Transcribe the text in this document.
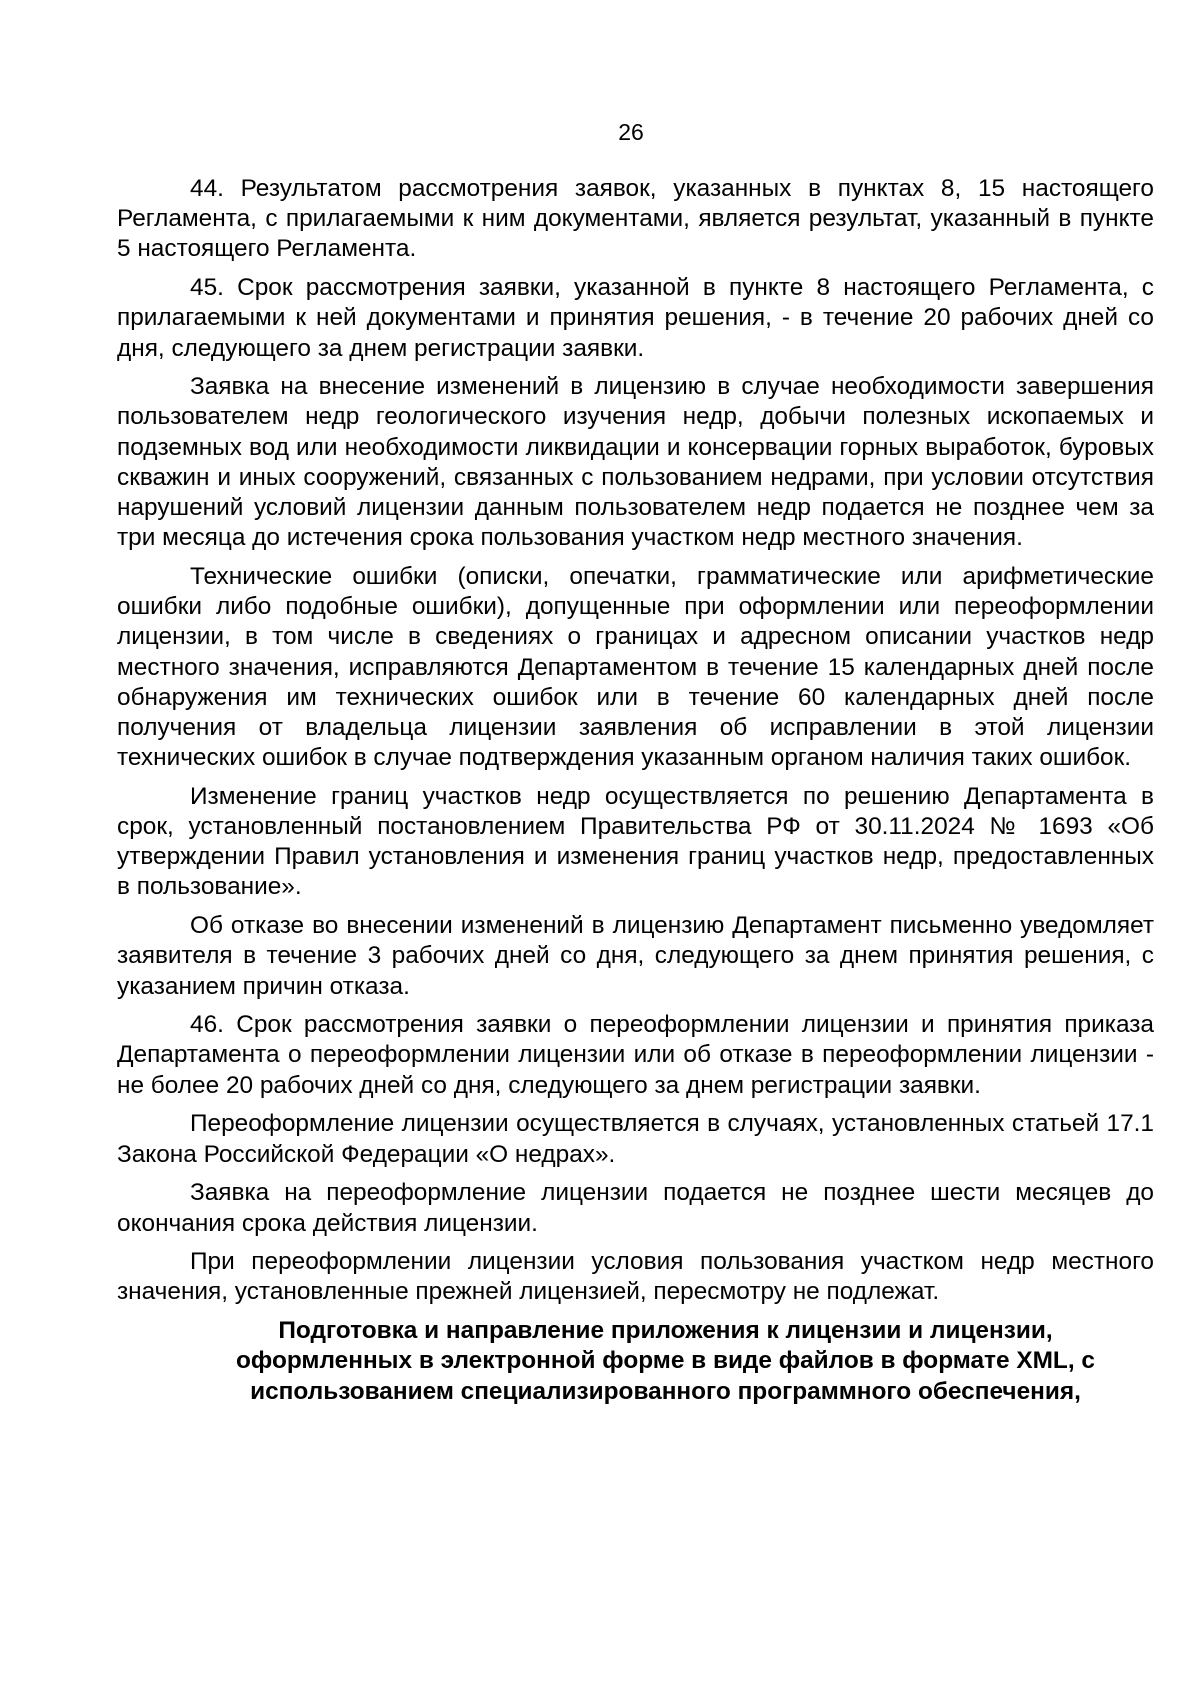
26

44. Результатом рассмотрения заявок, указанных в пунктах 8, 15 настоящего Регламента, с прилагаемыми к ним документами, является результат, указанный в пункте 5 настоящего Регламента.

45. Срок рассмотрения заявки, указанной в пункте 8 настоящего Регламента, с прилагаемыми к ней документами и принятия решения, - в течение 20 рабочих дней со дня, следующего за днем регистрации заявки.

Заявка на внесение изменений в лицензию в случае необходимости завершения пользователем недр геологического изучения недр, добычи полезных ископаемых и подземных вод или необходимости ликвидации и консервации горных выработок, буровых скважин и иных сооружений, связанных с пользованием недрами, при условии отсутствия нарушений условий лицензии данным пользователем недр подается не позднее чем за три месяца до истечения срока пользования участком недр местного значения.

Технические ошибки (описки, опечатки, грамматические или арифметические ошибки либо подобные ошибки), допущенные при оформлении или переоформлении лицензии, в том числе в сведениях о границах и адресном описании участков недр местного значения, исправляются Департаментом в течение 15 календарных дней после обнаружения им технических ошибок или в течение 60 календарных дней после получения от владельца лицензии заявления об исправлении в этой лицензии технических ошибок в случае подтверждения указанным органом наличия таких ошибок.

Изменение границ участков недр осуществляется по решению Департамента в срок, установленный постановлением Правительства РФ от 30.11.2024 № 1693 «Об утверждении Правил установления и изменения границ участков недр, предоставленных в пользование».

Об отказе во внесении изменений в лицензию Департамент письменно уведомляет заявителя в течение 3 рабочих дней со дня, следующего за днем принятия решения, с указанием причин отказа.

46. Срок рассмотрения заявки о переоформлении лицензии и принятия приказа Департамента о переоформлении лицензии или об отказе в переоформлении лицензии - не более 20 рабочих дней со дня, следующего за днем регистрации заявки.

Переоформление лицензии осуществляется в случаях, установленных статьей 17.1 Закона Российской Федерации «О недрах».

Заявка на переоформление лицензии подается не позднее шести месяцев до окончания срока действия лицензии.

При переоформлении лицензии условия пользования участком недр местного значения, установленные прежней лицензией, пересмотру не подлежат.

Подготовка и направление приложения к лицензии и лицензии,
оформленных в электронной форме в виде файлов в формате XML, с
использованием специализированного программного обеспечения,
